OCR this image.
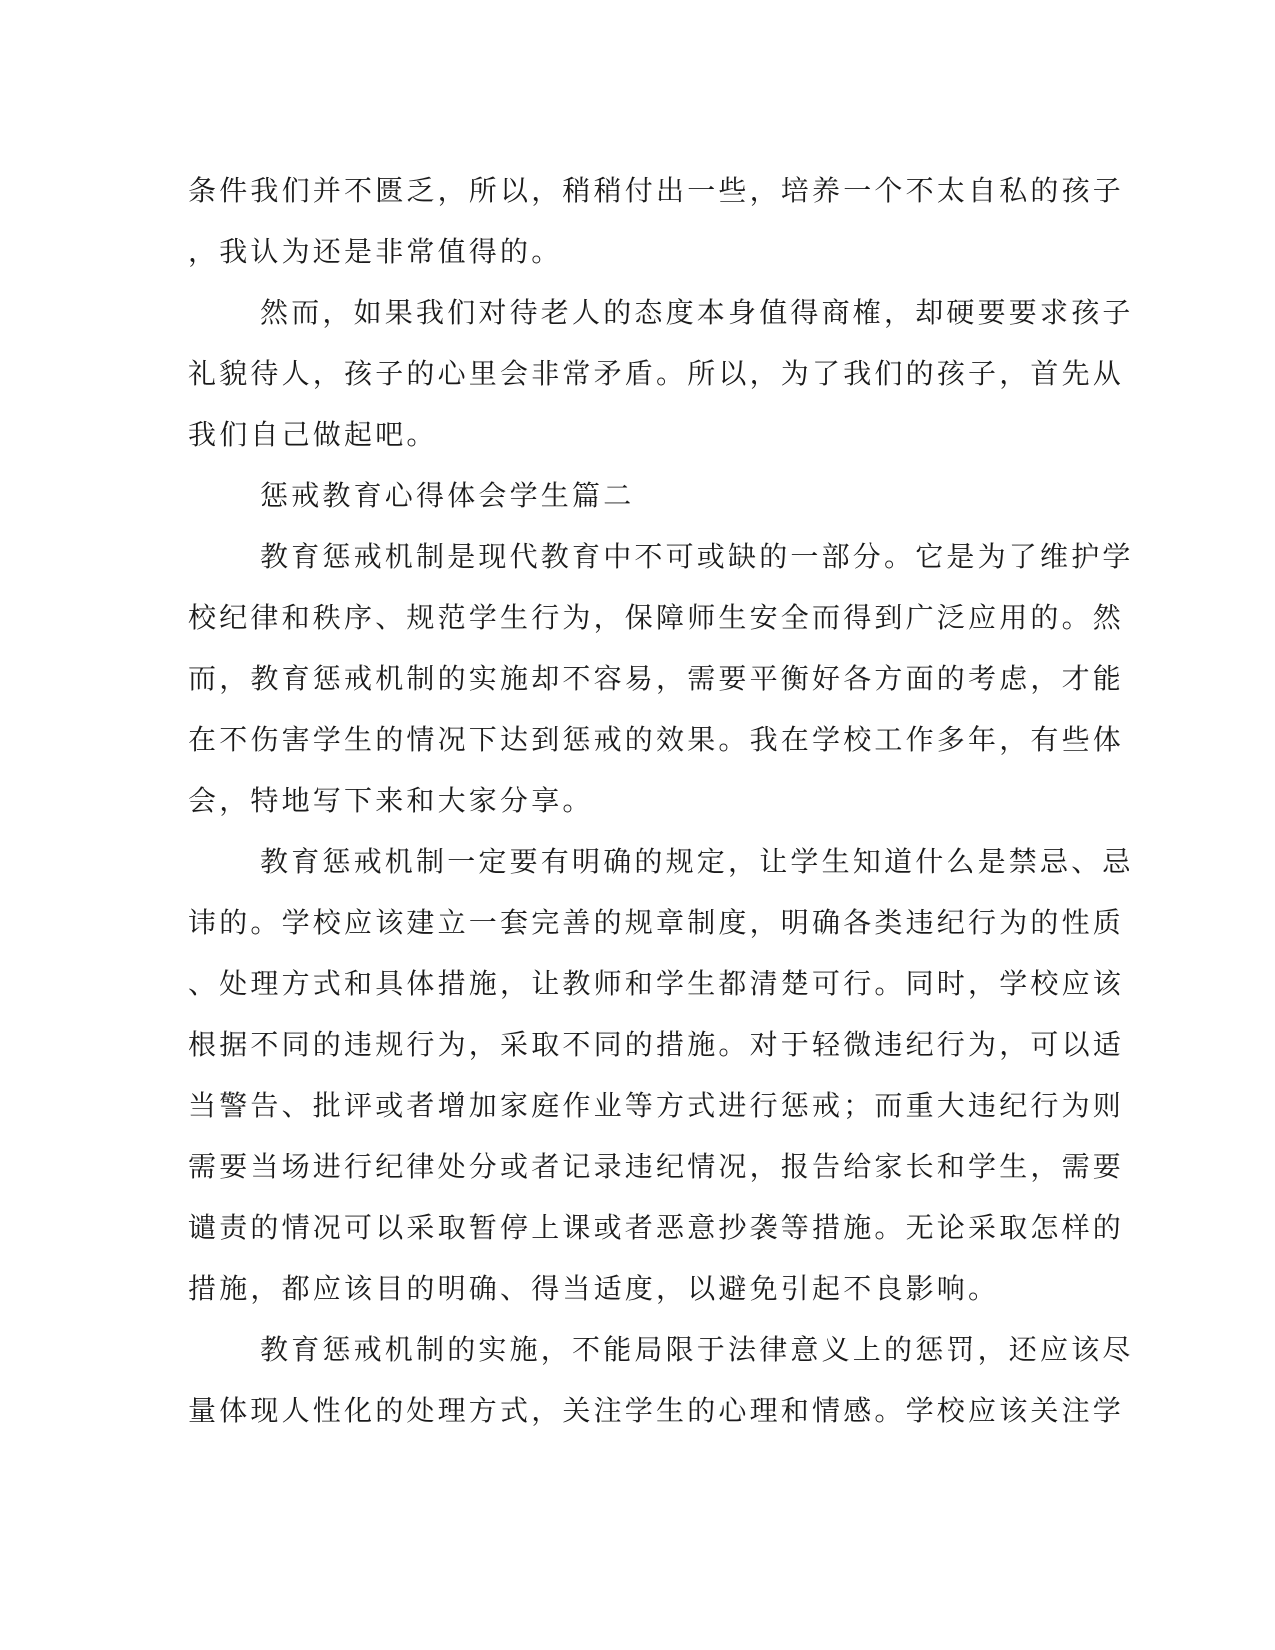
条件我们并不匮乏，所以，稍稍付出一些，培养一个不太自私的孩子
，我认为还是非常值得的。
然而，如果我们对待老人的态度本身值得商榷，却硬要要求孩子
礼貌待人，孩子的心里会非常矛盾。所以，为了我们的孩子，首先从
我们自己做起吧。
惩戒教育心得体会学生篇二
教育惩戒机制是现代教育中不可或缺的一部分。它是为了维护学
校纪律和秩序、规范学生行为，保障师生安全而得到广泛应用的。然
而，教育惩戒机制的实施却不容易，需要平衡好各方面的考虑，才能
在不伤害学生的情况下达到惩戒的效果。我在学校工作多年，有些体
会，特地写下来和大家分享。
教育惩戒机制一定要有明确的规定，让学生知道什么是禁忌、忌
讳的。学校应该建立一套完善的规章制度，明确各类违纪行为的性质
、处理方式和具体措施，让教师和学生都清楚可行。同时，学校应该
根据不同的违规行为，采取不同的措施。对于轻微违纪行为，可以适
当警告、批评或者增加家庭作业等方式进行惩戒；而重大违纪行为则
需要当场进行纪律处分或者记录违纪情况，报告给家长和学生，需要
谴责的情况可以采取暂停上课或者恶意抄袭等措施。无论采取怎样的
措施，都应该目的明确、得当适度，以避免引起不良影响。
教育惩戒机制的实施，不能局限于法律意义上的惩罚，还应该尽
量体现人性化的处理方式，关注学生的心理和情感。学校应该关注学
